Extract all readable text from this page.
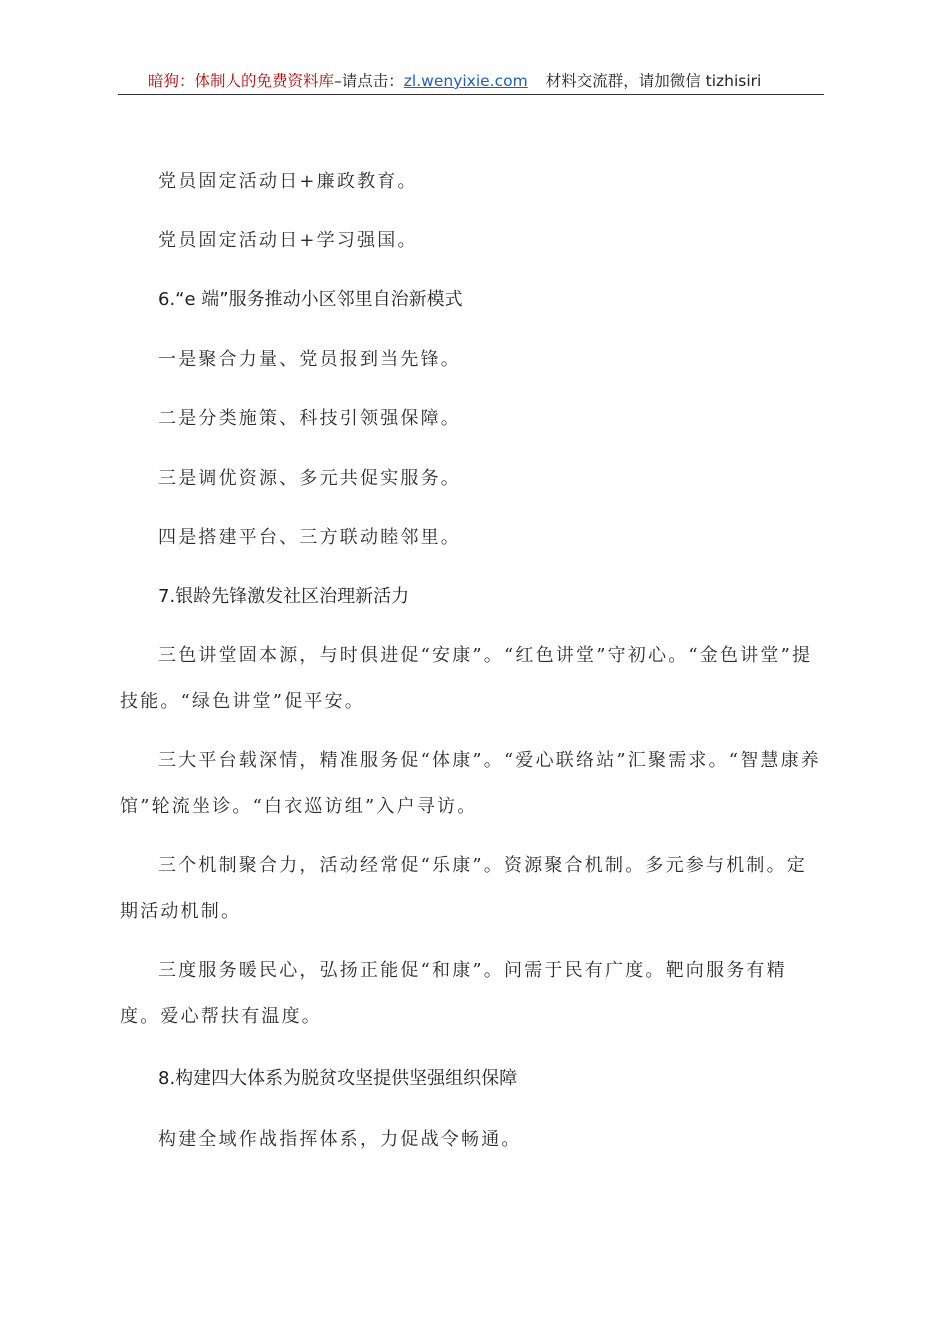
暗狗：体制人的免费资料库–请点击：zl.wenyixie.com 材料交流群，请加微信 tizhisiri
党员固定活动日+廉政教育。
党员固定活动日+学习强国。
6.“e 端”服务推动小区邻里自治新模式
一是聚合力量、党员报到当先锋。
二是分类施策、科技引领强保障。
三是调优资源、多元共促实服务。
四是搭建平台、三方联动睦邻里。
7.银龄先锋激发社区治理新活力
三色讲堂固本源，与时俱进促“安康”。“红色讲堂”守初心。“金色讲堂”提技能。“绿色讲堂”促平安。
三大平台载深情，精准服务促“体康”。“爱心联络站”汇聚需求。“智慧康养馆”轮流坐诊。“白衣巡访组”入户寻访。
三个机制聚合力，活动经常促“乐康”。资源聚合机制。多元参与机制。定期活动机制。
三度服务暖民心，弘扬正能促“和康”。问需于民有广度。靶向服务有精度。爱心帮扶有温度。
8.构建四大体系为脱贫攻坚提供坚强组织保障
构建全域作战指挥体系，力促战令畅通。
